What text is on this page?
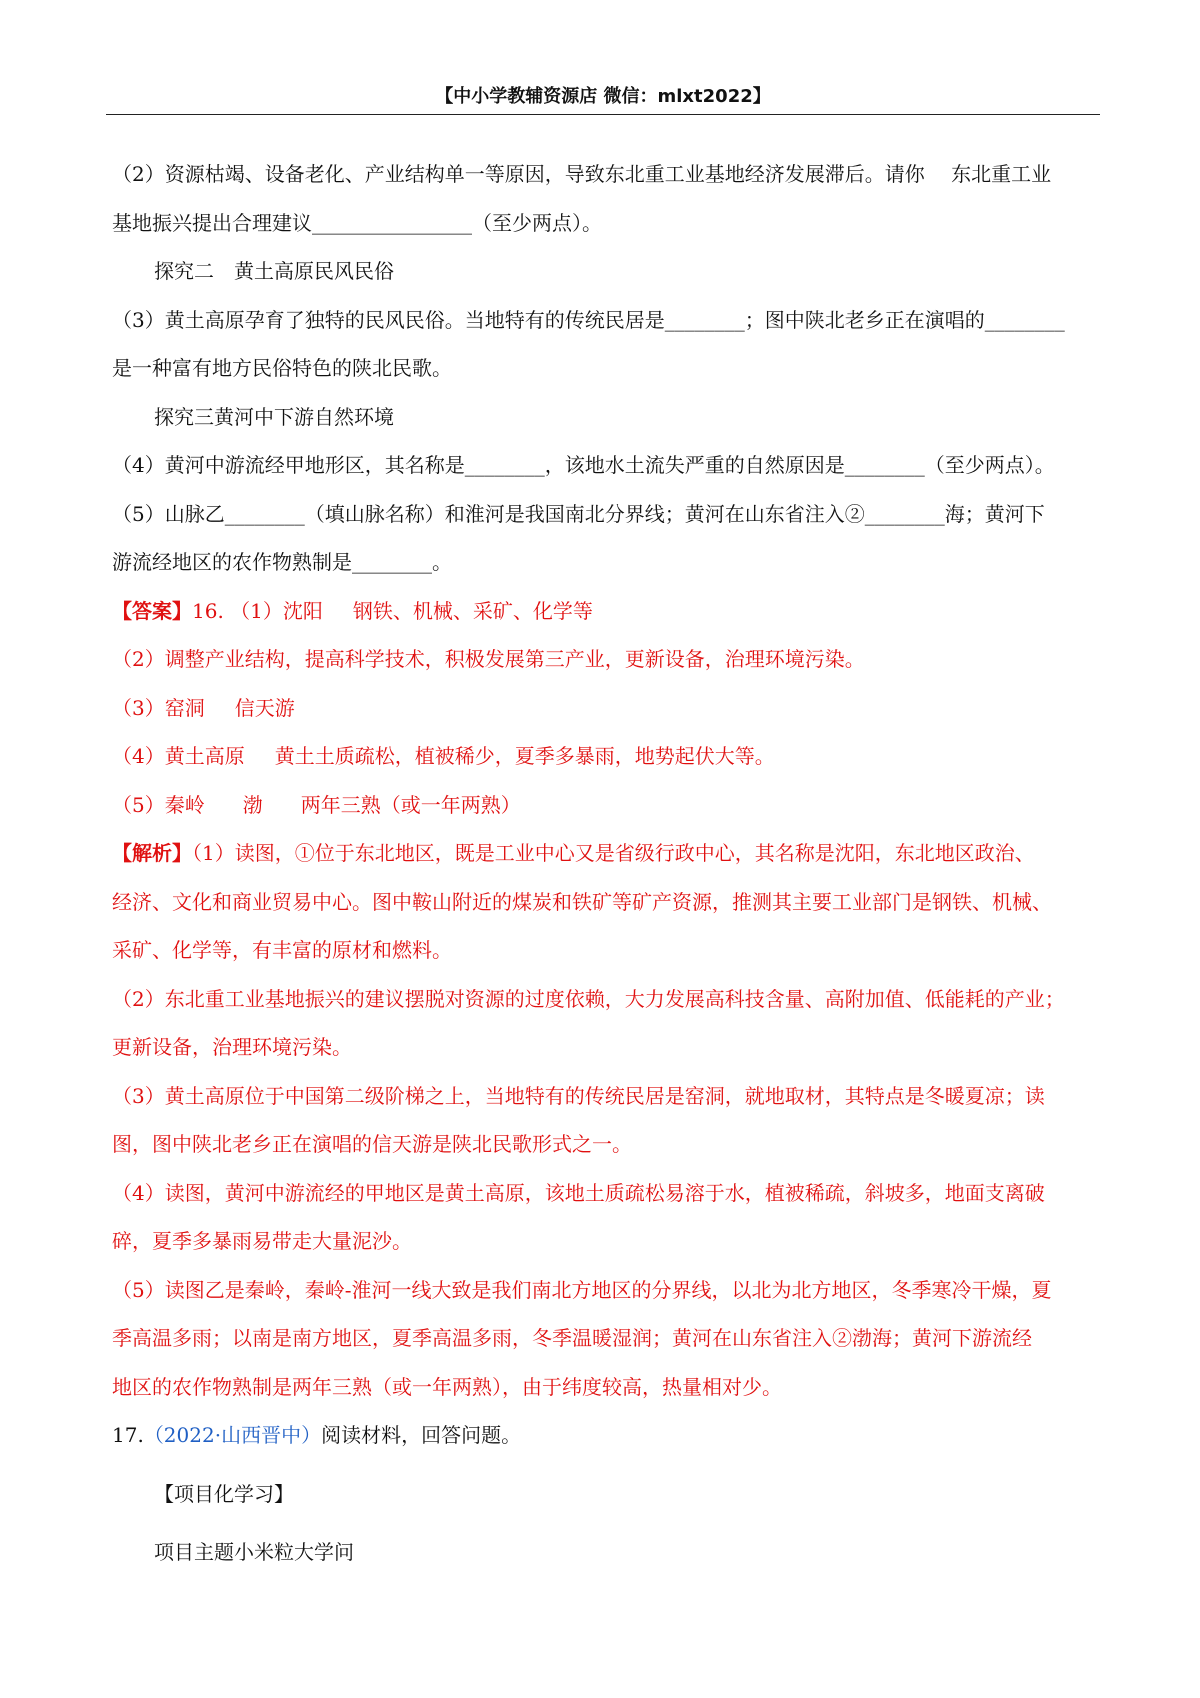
【中小学教辅资源店 微信：mlxt2022】
（2）资源枯竭、设备老化、产业结构单一等原因，导致东北重工业基地经济发展滞后。请你 　东北重工业
基地振兴提出合理建议________________（至少两点）。
探究二　黄土高原民风民俗
（3）黄土高原孕育了独特的民风民俗。当地特有的传统民居是________；图中陕北老乡正在演唱的________
是一种富有地方民俗特色的陕北民歌。
探究三黄河中下游自然环境
（4）黄河中游流经甲地形区，其名称是________，该地水土流失严重的自然原因是________（至少两点）。
（5）山脉乙________（填山脉名称）和淮河是我国南北分界线；黄河在山东省注入②________海；黄河下
游流经地区的农作物熟制是________。
【答案】16. （1）沈阳 钢铁、机械、采矿、化学等
（2）调整产业结构，提高科学技术，积极发展第三产业，更新设备，治理环境污染。
（3）窑洞 信天游
（4）黄土高原 黄土土质疏松，植被稀少，夏季多暴雨，地势起伏大等。
（5）秦岭 渤 两年三熟（或一年两熟）
【解析】（1）读图，①位于东北地区，既是工业中心又是省级行政中心，其名称是沈阳，东北地区政治、
经济、文化和商业贸易中心。图中鞍山附近的煤炭和铁矿等矿产资源，推测其主要工业部门是钢铁、机械、
采矿、化学等，有丰富的原材和燃料。
（2）东北重工业基地振兴的建议摆脱对资源的过度依赖，大力发展高科技含量、高附加值、低能耗的产业；
更新设备，治理环境污染。
（3）黄土高原位于中国第二级阶梯之上，当地特有的传统民居是窑洞，就地取材，其特点是冬暖夏凉；读
图，图中陕北老乡正在演唱的信天游是陕北民歌形式之一。
（4）读图，黄河中游流经的甲地区是黄土高原，该地土质疏松易溶于水，植被稀疏，斜坡多，地面支离破
碎，夏季多暴雨易带走大量泥沙。
（5）读图乙是秦岭，秦岭-淮河一线大致是我们南北方地区的分界线，以北为北方地区，冬季寒冷干燥，夏
季高温多雨；以南是南方地区，夏季高温多雨，冬季温暖湿润；黄河在山东省注入②渤海；黄河下游流经
地区的农作物熟制是两年三熟（或一年两熟），由于纬度较高，热量相对少。
17.（2022·山西晋中）阅读材料，回答问题。
【项目化学习】
项目主题小米粒大学问
